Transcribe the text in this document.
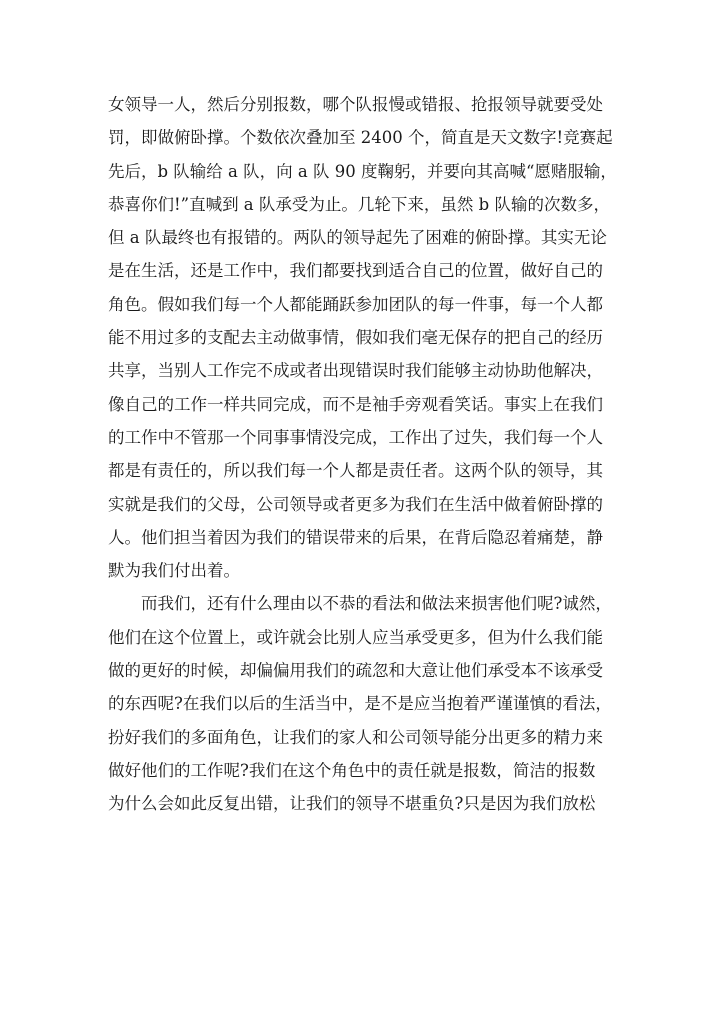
女领导一人，然后分别报数，哪个队报慢或错报、抢报领导就要受处
罚，即做俯卧撑。个数依次叠加至 2400 个，简直是天文数字!竞赛起
先后，b 队输给 a 队，向 a 队 90 度鞠躬，并要向其高喊“愿赌服输，
恭喜你们!”直喊到 a 队承受为止。几轮下来，虽然 b 队输的次数多，
但 a 队最终也有报错的。两队的领导起先了困难的俯卧撑。其实无论
是在生活，还是工作中，我们都要找到适合自己的位置，做好自己的
角色。假如我们每一个人都能踊跃参加团队的每一件事，每一个人都
能不用过多的支配去主动做事情，假如我们毫无保存的把自己的经历
共享，当别人工作完不成或者出现错误时我们能够主动协助他解决，
像自己的工作一样共同完成，而不是袖手旁观看笑话。事实上在我们
的工作中不管那一个同事事情没完成，工作出了过失，我们每一个人
都是有责任的，所以我们每一个人都是责任者。这两个队的领导，其
实就是我们的父母，公司领导或者更多为我们在生活中做着俯卧撑的
人。他们担当着因为我们的错误带来的后果，在背后隐忍着痛楚，静
默为我们付出着。
　　而我们，还有什么理由以不恭的看法和做法来损害他们呢?诚然，
他们在这个位置上，或许就会比别人应当承受更多，但为什么我们能
做的更好的时候，却偏偏用我们的疏忽和大意让他们承受本不该承受
的东西呢?在我们以后的生活当中，是不是应当抱着严谨谨慎的看法，
扮好我们的多面角色，让我们的家人和公司领导能分出更多的精力来
做好他们的工作呢?我们在这个角色中的责任就是报数，简洁的报数
为什么会如此反复出错，让我们的领导不堪重负?只是因为我们放松
